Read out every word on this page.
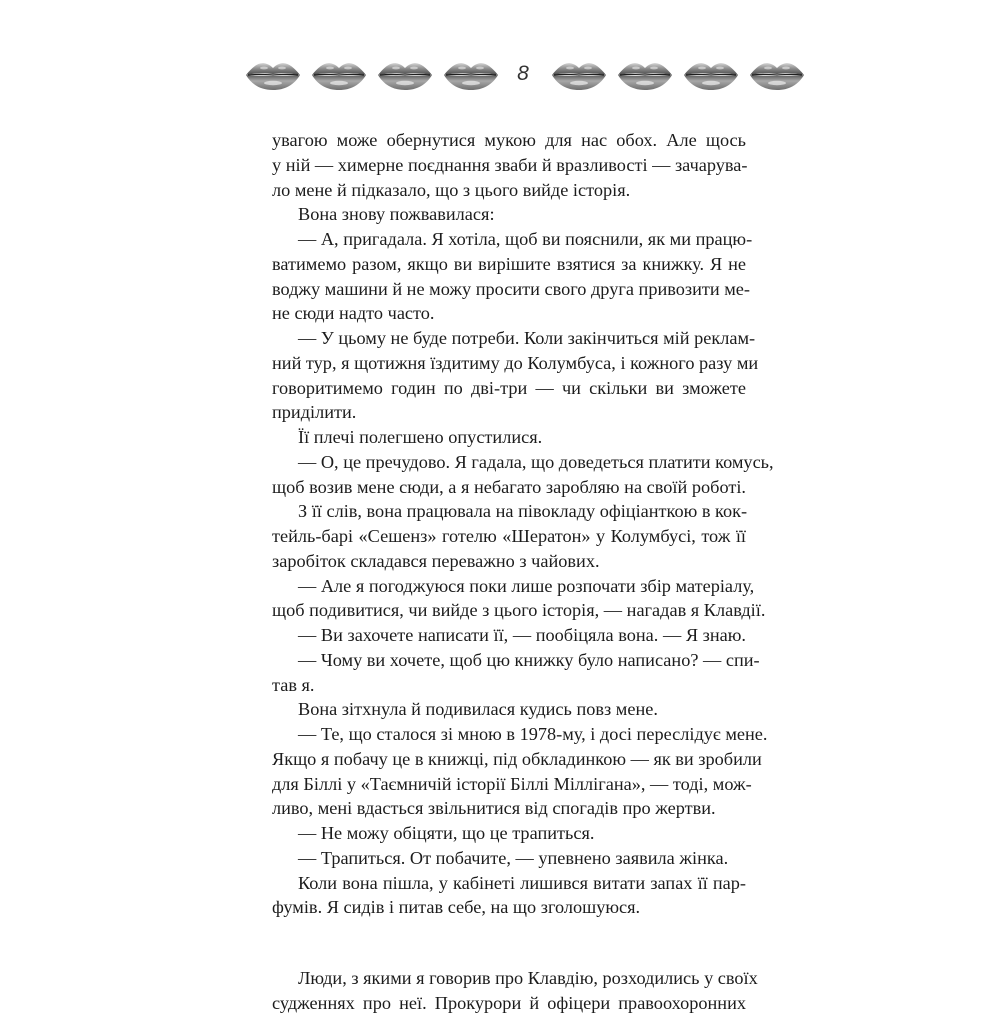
8
увагою може обернутися мукою для нас обох. Але щось
у ній — химерне поєднання зваби й вразливості — зачарува-
ло мене й підказало, що з цього вийде історія.
Вона знову пожвавилася:
— А, пригадала. Я хотіла, щоб ви пояснили, як ми працю-
ватимемо разом, якщо ви вирішите взятися за книжку. Я не
воджу машини й не можу просити свого друга привозити ме-
не сюди надто часто.
— У цьому не буде потреби. Коли закінчиться мій реклам-
ний тур, я щотижня їздитиму до Колумбуса, і кожного разу ми
говоритимемо годин по дві-три — чи скільки ви зможете
приділити.
Її плечі полегшено опустилися.
— О, це пречудово. Я гадала, що доведеться платити комусь,
щоб возив мене сюди, а я небагато заробляю на своїй роботі.
З її слів, вона працювала на півокладу офіціанткою в кок-
тейль-барі «Сешенз» готелю «Шератон» у Колумбусі, тож її
заробіток складався переважно з чайових.
— Але я погоджуюся поки лише розпочати збір матеріалу,
щоб подивитися, чи вийде з цього історія, — нагадав я Клавдії.
— Ви захочете написати її, — пообіцяла вона. — Я знаю.
— Чому ви хочете, щоб цю книжку було написано? — спи-
тав я.
Вона зітхнула й подивилася кудись повз мене.
— Те, що сталося зі мною в 1978-му, і досі переслідує мене.
Якщо я побачу це в книжці, під обкладинкою — як ви зробили
для Біллі у «Таємничій історії Біллі Міллігана», — тоді, мож-
ливо, мені вдасться звільнитися від спогадів про жертви.
— Не можу обіцяти, що це трапиться.
— Трапиться. От побачите, — упевнено заявила жінка.
Коли вона пішла, у кабінеті лишився витати запах її пар-
фумів. Я сидів і питав себе, на що зголошуюся.
Люди, з якими я говорив про Клавдію, розходились у своїх
судженнях про неї. Прокурори й офіцери правоохоронних
